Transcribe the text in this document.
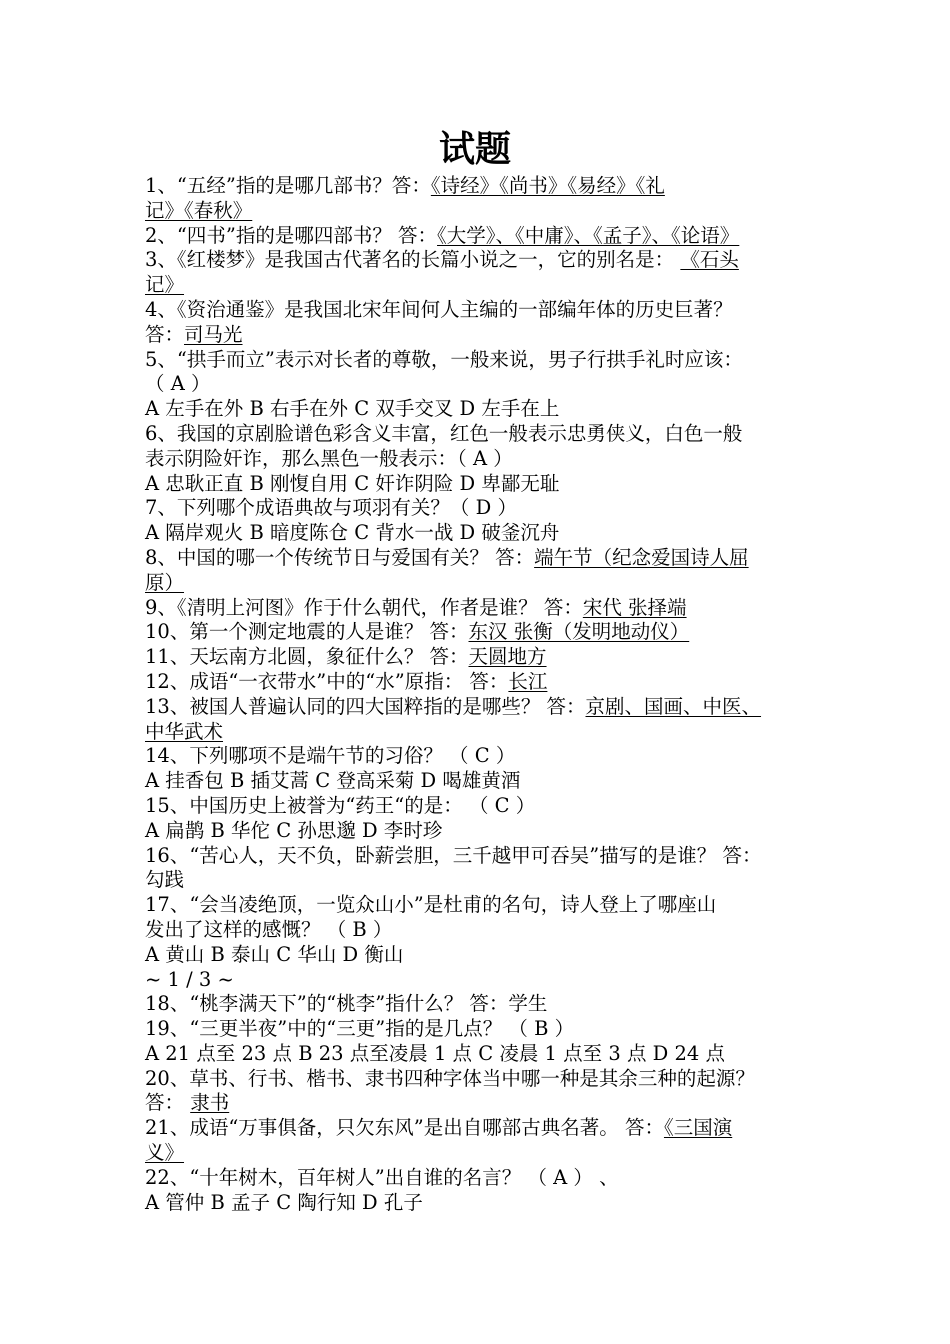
试题
1、“五经”指的是哪几部书？答：《诗经》《尚书》《易经》《礼
记》《春秋》
2、“四书”指的是哪四部书？ 答：《大学》、《中庸》、《孟子》、《论语》
3、《红楼梦》是我国古代著名的长篇小说之一，它的别名是： 《石头
记》
4、《资治通鉴》是我国北宋年间何人主编的一部编年体的历史巨著？
答：司马光
5、“拱手而立”表示对长者的尊敬，一般来说，男子行拱手礼时应该：
（ A ）
A 左手在外 B 右手在外 C 双手交叉 D 左手在上
6、我国的京剧脸谱色彩含义丰富，红色一般表示忠勇侠义，白色一般
表示阴险奸诈，那么黑色一般表示：（ A ）
A 忠耿正直 B 刚愎自用 C 奸诈阴险 D 卑鄙无耻
7、下列哪个成语典故与项羽有关？（ D ）
A 隔岸观火 B 暗度陈仓 C 背水一战 D 破釜沉舟
8、中国的哪一个传统节日与爱国有关？ 答：端午节（纪念爱国诗人屈
原）
9、《清明上河图》作于什么朝代，作者是谁？ 答：宋代 张择端
10、第一个测定地震的人是谁？ 答：东汉 张衡（发明地动仪）
11、天坛南方北圆，象征什么？ 答：天圆地方
12、成语“一衣带水”中的“水”原指： 答：长江
13、被国人普遍认同的四大国粹指的是哪些？ 答：京剧、国画、中医、
中华武术
14、下列哪项不是端午节的习俗？ （ C ）
A 挂香包 B 插艾蒿 C 登高采菊 D 喝雄黄酒
15、中国历史上被誉为“药王“的是： （ C ）
A 扁鹊 B 华佗 C 孙思邈 D 李时珍
16、“苦心人，天不负，卧薪尝胆，三千越甲可吞吴”描写的是谁？ 答：
勾践
17、“会当凌绝顶，一览众山小”是杜甫的名句，诗人登上了哪座山
发出了这样的感慨？ （ B ）
A 黄山 B 泰山 C 华山 D 衡山
~ 1 / 3 ~
18、“桃李满天下”的“桃李”指什么？ 答：学生
19、“三更半夜”中的“三更”指的是几点？ （ B ）
A 21 点至 23 点 B 23 点至凌晨 1 点 C 凌晨 1 点至 3 点 D 24 点
20、草书、行书、楷书、隶书四种字体当中哪一种是其余三种的起源？
答： 隶书
21、成语“万事俱备，只欠东风”是出自哪部古典名著。 答：《三国演
义》
22、“十年树木，百年树人”出自谁的名言？ （ A ） 、
A 管仲 B 孟子 C 陶行知 D 孔子
